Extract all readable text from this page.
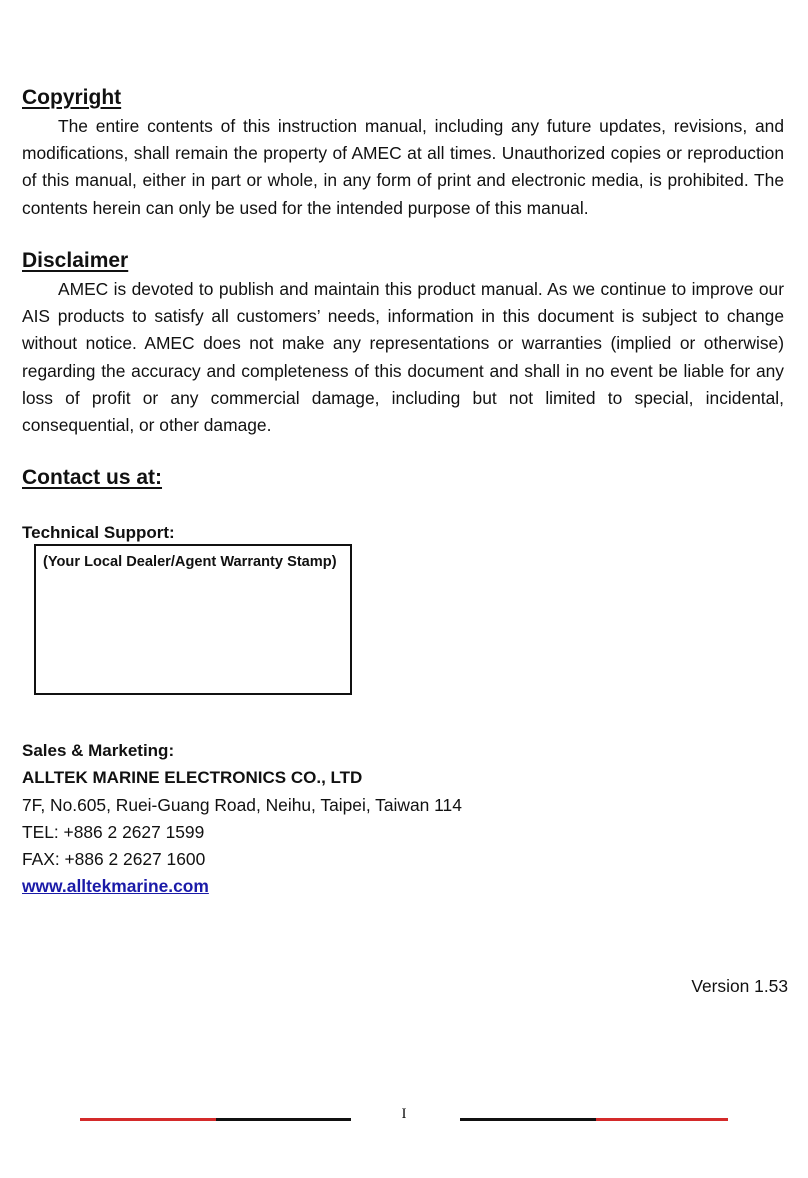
Copyright

The entire contents of this instruction manual, including any future updates, revisions, and modifications, shall remain the property of AMEC at all times. Unauthorized copies or reproduction of this manual, either in part or whole, in any form of print and electronic media, is prohibited. The contents herein can only be used for the intended purpose of this manual.

Disclaimer

AMEC is devoted to publish and maintain this product manual. As we continue to improve our AIS products to satisfy all customers’ needs, information in this document is subject to change without notice. AMEC does not make any representations or warranties (implied or otherwise) regarding the accuracy and completeness of this document and shall in no event be liable for any loss of profit or any commercial damage, including but not limited to special, incidental, consequential, or other damage.

Contact us at:

Technical Support:

(Your Local Dealer/Agent Warranty Stamp)

Sales & Marketing:

ALLTEK MARINE ELECTRONICS CO., LTD

7F, No.605, Ruei-Guang Road, Neihu, Taipei, Taiwan 114

TEL: +886 2 2627 1599

FAX: +886 2 2627 1600

www.alltekmarine.com

Version 1.53
I
